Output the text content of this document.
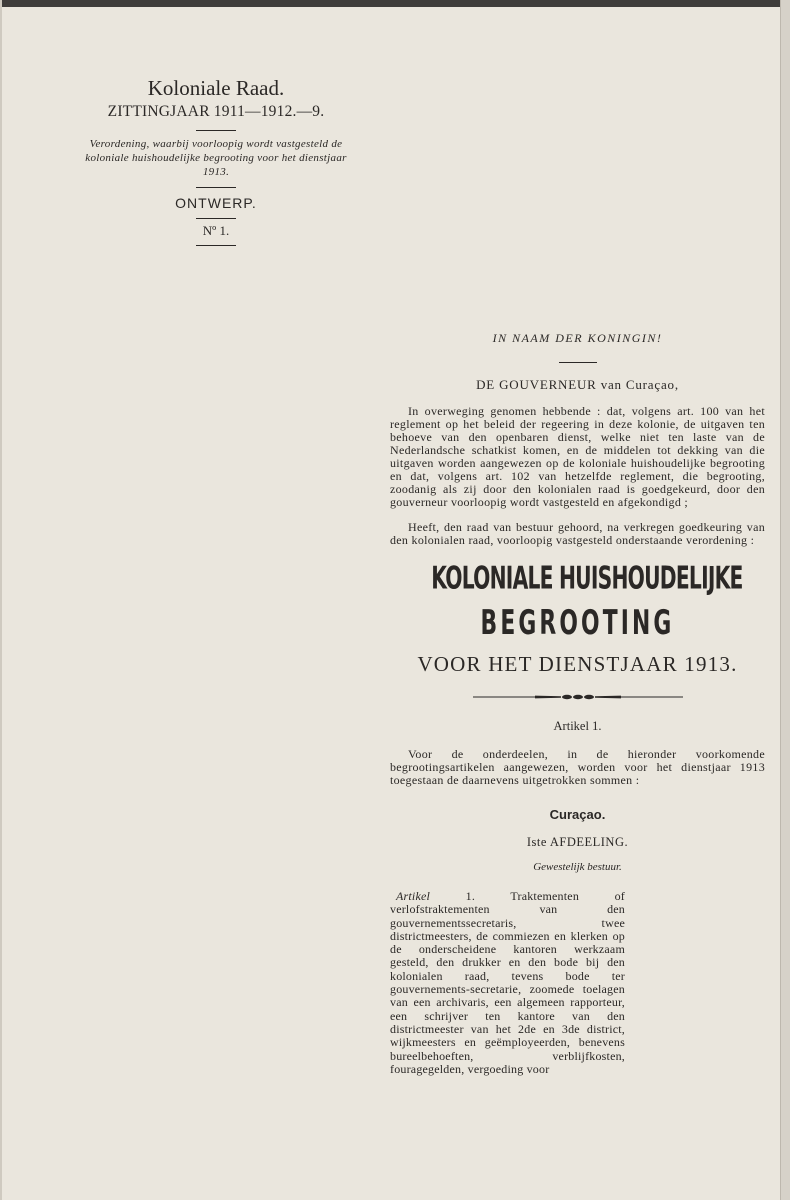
Koloniale Raad.
ZITTINGJAAR 1911—1912.—9.
Verordening, waarbij voorloopig wordt vastgesteld de koloniale huishoudelijke begrooting voor het dienstjaar 1913.
ONTWERP.
Nº 1.
IN NAAM DER KONINGIN!
DE GOUVERNEUR van Curaçao,

In overweging genomen hebbende : dat, volgens art. 100 van het reglement op het beleid der regeering in deze kolonie, de uitgaven ten behoeve van den openbaren dienst, welke niet ten laste van de Nederlandsche schatkist komen, en de middelen tot dekking van die uitgaven worden aangewezen op de koloniale huishoudelijke begrooting en dat, volgens art. 102 van hetzelfde reglement, die begrooting, zoodanig als zij door den kolonialen raad is goedgekeurd, door den gouverneur voorloopig wordt vastgesteld en afgekondigd ;

Heeft, den raad van bestuur gehoord, na verkregen goedkeuring van den kolonialen raad, voorloopig vastgesteld onderstaande verordening :

KOLONIALE HUISHOUDELIJKE
BEGROOTING
VOOR HET DIENSTJAAR 1913.
Artikel 1.

Voor de onderdeelen, in de hieronder voorkomende begrootingsartikelen aangewezen, worden voor het dienstjaar 1913 toegestaan de daarnevens uitgetrokken sommen :

Curaçao.
Iste AFDEELING.
Gewestelijk bestuur.

Artikel 1. Traktementen of verlofstraktementen van den gouvernementssecretaris, twee districtmeesters, de commiezen en klerken op de onderscheidene kantoren werkzaam gesteld, den drukker en den bode bij den kolonialen raad, tevens bode ter gouvernements-secretarie, zoomede toelagen van een archivaris, een algemeen rapporteur, een schrijver ten kantore van den districtmeester van het 2de en 3de district, wijkmeesters en geëmployeerden, benevens bureelbehoeften, verblijfkosten, fouragegelden, vergoeding voor
